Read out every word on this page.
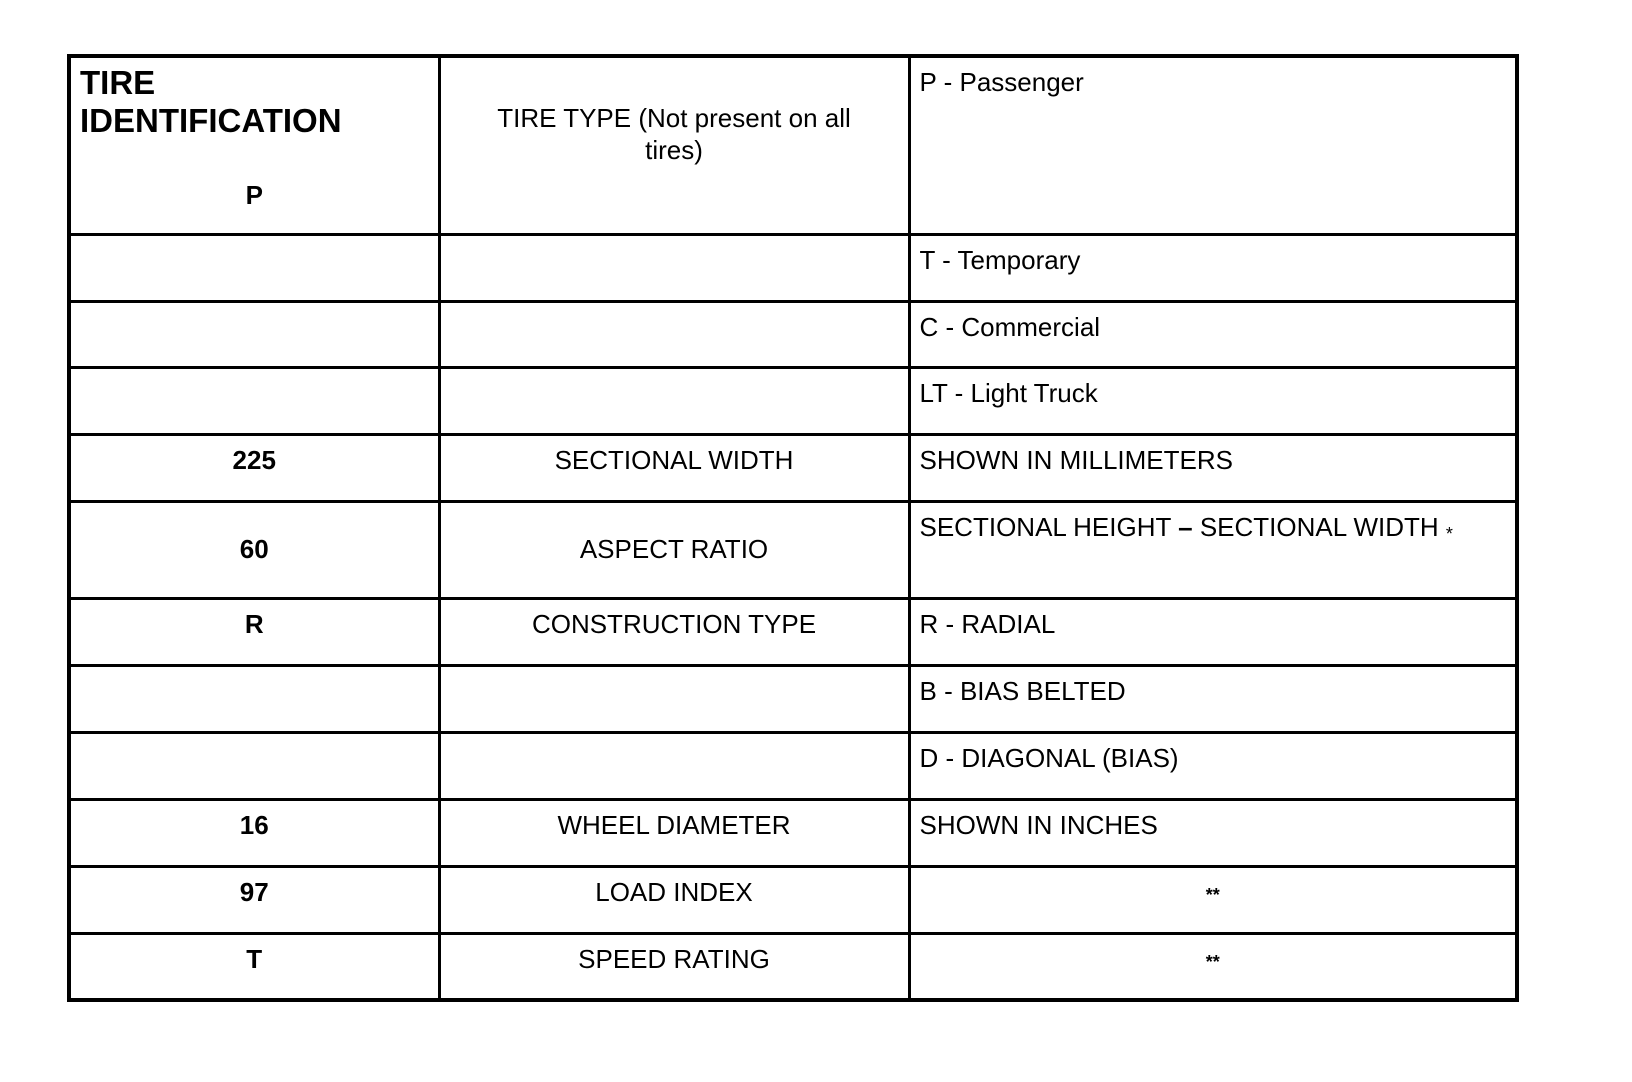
TIRE
IDENTIFICATION
P	TIRE TYPE (Not present on all tires)	P - Passenger
		T - Temporary
		C - Commercial
		LT - Light Truck
225	SECTIONAL WIDTH	SHOWN IN MILLIMETERS
60	ASPECT RATIO	SECTIONAL HEIGHT – SECTIONAL WIDTH *
R	CONSTRUCTION TYPE	R - RADIAL
		B - BIAS BELTED
		D - DIAGONAL (BIAS)
16	WHEEL DIAMETER	SHOWN IN INCHES
97	LOAD INDEX	**
T	SPEED RATING	**
